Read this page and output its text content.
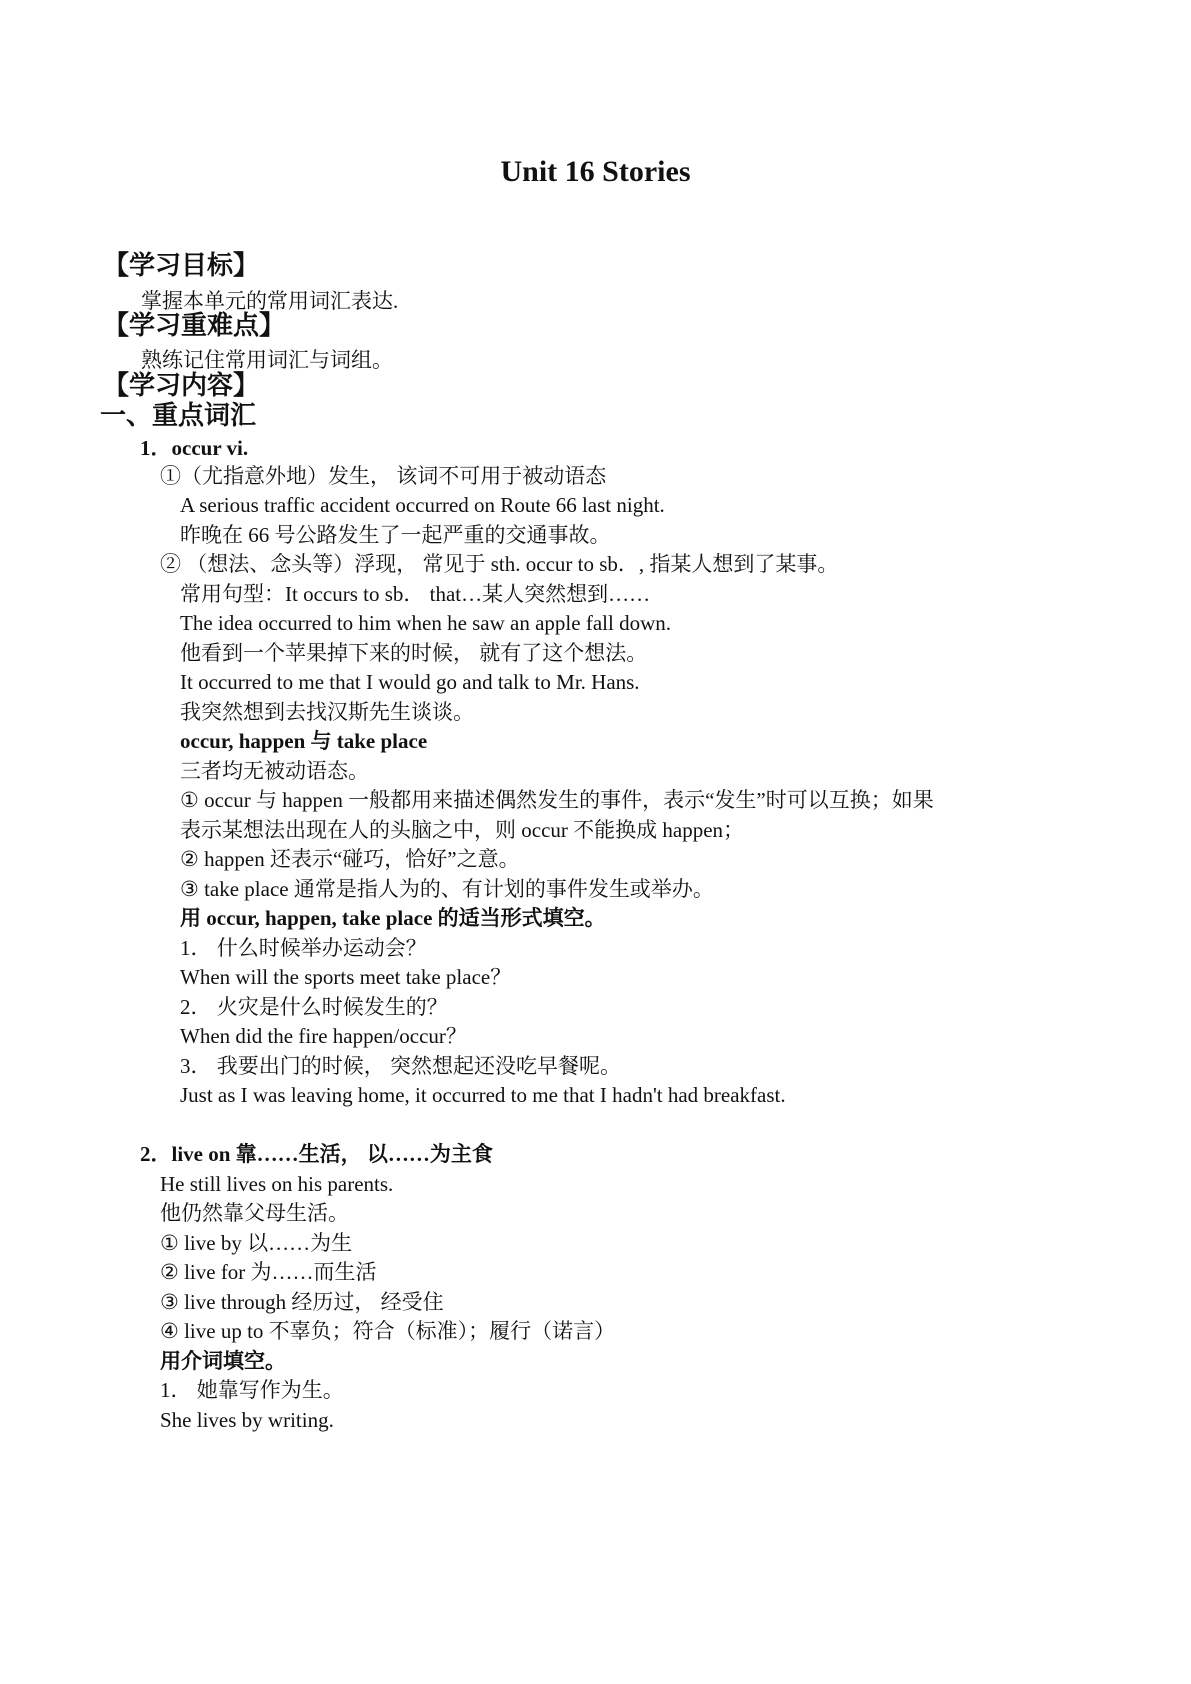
Unit 16 Stories
【学习目标】
掌握本单元的常用词汇表达.
【学习重难点】
熟练记住常用词汇与词组。
【学习内容】
一、重点词汇
1．occur vi.
①（尤指意外地）发生， 该词不可用于被动语态
A serious traffic accident occurred on Route 66 last night.
昨晚在 66 号公路发生了一起严重的交通事故。
② （想法、念头等）浮现， 常见于 sth. occur to sb．, 指某人想到了某事。
常用句型：It occurs to sb． that…某人突然想到……
The idea occurred to him when he saw an apple fall down.
他看到一个苹果掉下来的时候， 就有了这个想法。
It occurred to me that I would go and talk to Mr. Hans.
我突然想到去找汉斯先生谈谈。
occur, happen 与 take place
三者均无被动语态。
① occur 与 happen 一般都用来描述偶然发生的事件，表示“发生”时可以互换；如果
表示某想法出现在人的头脑之中，则 occur 不能换成 happen；
② happen 还表示“碰巧，恰好”之意。
③ take place 通常是指人为的、有计划的事件发生或举办。
用 occur, happen, take place 的适当形式填空。
1． 什么时候举办运动会？
When will the sports meet take place？
2． 火灾是什么时候发生的？
When did the fire happen/occur？
3． 我要出门的时候， 突然想起还没吃早餐呢。
Just as I was leaving home, it occurred to me that I hadn't had breakfast.
2．live on 靠……生活， 以……为主食
He still lives on his parents.
他仍然靠父母生活。
① live by 以……为生
② live for 为……而生活
③ live through 经历过， 经受住
④ live up to 不辜负；符合（标准）；履行（诺言）
用介词填空。
1． 她靠写作为生。
She lives by writing.
